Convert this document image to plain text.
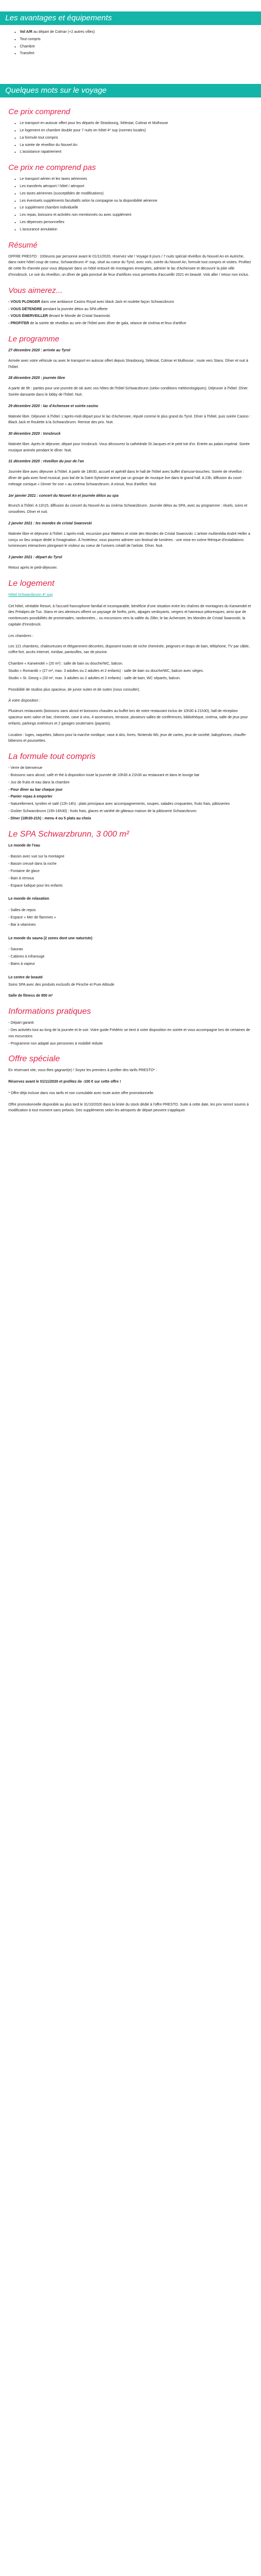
Les avantages et équipements
• Vol A/R au départ de Colmar (+2 autres villes)
• Tout compris
• Chambre
• Transfert
Quelques mots sur le voyage
Ce prix comprend
• Le transport en autocar offert pour les départs de Strasbourg, Sélestat, Colmar et Mulhouse
• Le logement en chambre double pour 7 nuits en hôtel 4* sup (normes locales)
• La formule tout compris
• La soirée de réveillon du Nouvel An
• L'assistance rapatriement
Ce prix ne comprend pas
• Le transport aérien et les taxes aériennes
• Les transferts aéroport / hôtel / aéroport
• Les taxes aériennes (susceptibles de modifications)
• Les éventuels suppléments facultatifs selon la compagnie ou la disponibilité aérienne
• Le supplément chambre individuelle
• Les repas, boissons et activités non mentionnés ou avec supplément
• Les dépenses personnelles
• L'assurance annulation
Résumé
OFFRE PRESTO : 100euros par personne avant le 01/11/2020, réservez vite ! Voyage 8 jours / 7 nuits spécial réveillon du Nouvel An en Autriche, dans notre hôtel coup de coeur, Schwarzbrunn 4* sup, situé au coeur du Tyrol, avec vols, soirée du Nouvel An, formule tout compris et visites. Profitez de cette fin d'année pour vous dépayser dans un hôtel entouré de montagnes enneigées, admirer le lac d'Achensee et découvrir la jolie ville d'Innsbruck. Le soir du réveillon, un dîner de gala ponctué de feux d'artifices vous permettra d'accueillir 2021 en beauté. Vols aller / retour non inclus.
Vous aimerez...
- VOUS PLONGER dans une ambiance Casino Royal avec black Jack et roulette façon Schwarzbrunn
- VOUS DÉTENDRE pendant la journée détox au SPA offerte
- VOUS ÉMERVEILLER devant le Monde de Cristal Swarovski
- PROFITER de la soirée de réveillon au sein de l'hôtel avec dîner de gala, séance de cinéma et feux d'artifice
Le programme
27 décembre 2020 : arrivée au Tyrol
Arrivée avec votre véhicule ou avec le transport en autocar offert depuis Strasbourg, Sélestat, Colmar et Mulhouse ; route vers Stans. Dîner et nuit à l'hôtel.
28 décembre 2020 : journée libre
A partir de 9h : parties pour une journée de ski avec vos hôtes de l'hôtel Schwarzbrunn (selon conditions météorologiques). Déjeuner à l'hôtel. Dîner. Soirée dansante dans le lobby de l'hôtel. Nuit.
29 décembre 2020 : lac d'Achensee et soirée casino
Matinée libre. Déjeuner à l'hôtel. L'après-midi départ pour le lac d'Achensee, réputé comme le plus grand du Tyrol. Dîner à l'hôtel, puis soirée Casino : Black Jack et Roulette à la Schwarzbrunn. Remise des prix. Nuit.
30 décembre 2020 : Innsbruck
Matinée libre. Après le déjeuner, départ pour Innsbruck. Vous découvrez la cathédrale St-Jacques et le petit toit d'or. Entrée au palais impérial. Soirée musique animée pendant le dîner. Nuit.
31 décembre 2020 : réveillon du jour de l'an
Journée libre avec déjeuner à l'hôtel. A partir de 18h30, accueil et apéritif dans le hall de l'hôtel avec buffet d'amuse-bouches. Soirée de réveillon : dîner de gala avec fond musical, puis bal de la Saint-Sylvestre animé par un groupe de musique live dans le grand hall. A 23h, diffusion du court-métrage comique « Dinner for one » au cinéma Schwarzbrunn. A minuit, feux d'artifice. Nuit.
1er janvier 2021 : concert du Nouvel An et journée détox au spa
Brunch à l'hôtel. A 11h15, diffusion du concert du Nouvel An au cinéma Schwarzbrunn. Journée détox au SPA, avec au programme : rituels, soins et smoothies. Dîner et nuit.
2 janvier 2021 : les mondes de cristal Swarovski
Matinée libre et déjeuner à l'hôtel. L'après-midi, excursion pour Wattens et visite des Mondes de Cristal Swarovski. L'artiste multimédia André Heller a conçu un lieu unique dédié à l'imagination. À l'extérieur, vous pourrez admirer son festival de lumières : une mise en scène féérique d'installations lumineuses interactives plongeant le visiteur au coeur de l'univers créatif de l'artiste. Dîner. Nuit.
3 janvier 2021 : départ du Tyrol
Retour après le petit-déjeuner.
Le logement
Hôtel Schwarzbrunn 4* sup
Cet hôtel, véritable Resort, à l'accueil francophone familial et incomparable, bénéficie d'une situation entre les chaînes de montagnes du Karwendel et des Préalpes de Tux. Stans et ses alentours offrent un paysage de forêts, prés, alpages verdoyants, vergers et hameaux pittoresques, ainsi que de nombreuses possibilités de promenades, randonnées... ou excursions vers la vallée du Ziller, le lac Achensee, les Mondes de Cristal Swarovski, la capitale d'Innsbruck.
Les chambres :
Les 121 chambres, chaleureuses et élégamment décorées, disposent toutes de niche cheminée, peignoirs et draps de bain, téléphone, TV par câble, coffre-fort, accès Internet, minibar, pantoufles, sac de piscine.
Chambre « Karwendel » (20 m²) : salle de bain ou douche/WC, balcon.
Studio « Romantik » (27 m², max. 3 adultes ou 2 adultes et 2 enfants) : salle de bain ou douche/WC, balcon avec sièges.
Studio « St. Georg » (33 m², max. 3 adultes ou 2 adultes et 2 enfants) : salle de bain, WC séparés, balcon.
Possibilité de studios plus spacieux, de junior suites et de suites (nous consulter).
À votre disposition :
Plusieurs restaurants (boissons sans alcool et boissons chaudes au buffet lors de notre restaurant inclus de 10h30 à 21h30), hall de réception spacieux avec salon et bar, cheminée, cave à vins, 4 ascenseurs, terrasse, plusieurs salles de conférences, bibliothèque, cinéma, salle de jeux pour enfants, parkings extérieurs et 2 garages souterrains (payants).
Location : luges, raquettes, bâtons pour la marche nordique, vase à skis, livres, Nintendo Wii, jeux de cartes, jeux de société, babyphones, chauffe-biberons et poussettes.
La formule tout compris
- Verre de bienvenue
- Boissons sans alcool, café et thé à disposition toute la journée de 10h30 à 21h30 au restaurant et dans le lounge bar
- Jus de fruits et eau dans la chambre
- Pour dîner au bar chaque jour
- Panier repas à emporter
- Naturellement, tyrolien et salé (12h-14h) : plats principaux avec accompagnements, soupes, salades croquantes, fruits frais, pâtisseries
- Goûter Schwarzbrunn (15h-16h30) : fruits frais, glaces et variété de gâteaux maison de la pâtisserie Schwarzbrunn
- Dîner (18h30-21h) : menu 4 ou 5 plats au choix
Le SPA Schwarzbrunn, 3 000 m²
Le monde de l'eau
- Bassin avec vue sur la montagne
- Bassin creusé dans la roche
- Fontaine de glace
- Bain à remous
- Espace ludique pour les enfants
Le monde de relaxation
- Salles de repos
- Espace « Mer de flammes »
- Bar à vitamines
Le monde du sauna (2 zones dont une naturiste)
- Saunas
- Cabines à infrarouge
- Bains à vapeur
Le centre de beauté
Soins SPA avec des produits exclusifs de Piroche et Pure Altitude
Salle de fitness de 850 m²
Informations pratiques
- Départ garanti
- Des activités tout au long de la journée et le soir. Votre guide Frédéric se tient à votre disposition en soirée et vous accompagne lors de certaines de vos excursions
- Programme non adapté aux personnes à mobilité réduite
Offre spéciale
En réservant vite, vous êtes gagnant(e) ! Soyez les premiers à profiter des tarifs PRESTO* :
Réservez avant le 01/11/2020 et profitez de -100 € sur cette offre !
* Offre déjà incluse dans nos tarifs et non cumulable avec toute autre offre promotionnelle.
Offre promotionnelle disponible au plus tard le 31/10/2020 dans la limite du stock dédié à l'offre PRESTO. Suite à cette date, les prix seront soumis à modification à tout moment sans préavis. Des suppléments selon les aéroports de départ peuvent s'appliquer.
